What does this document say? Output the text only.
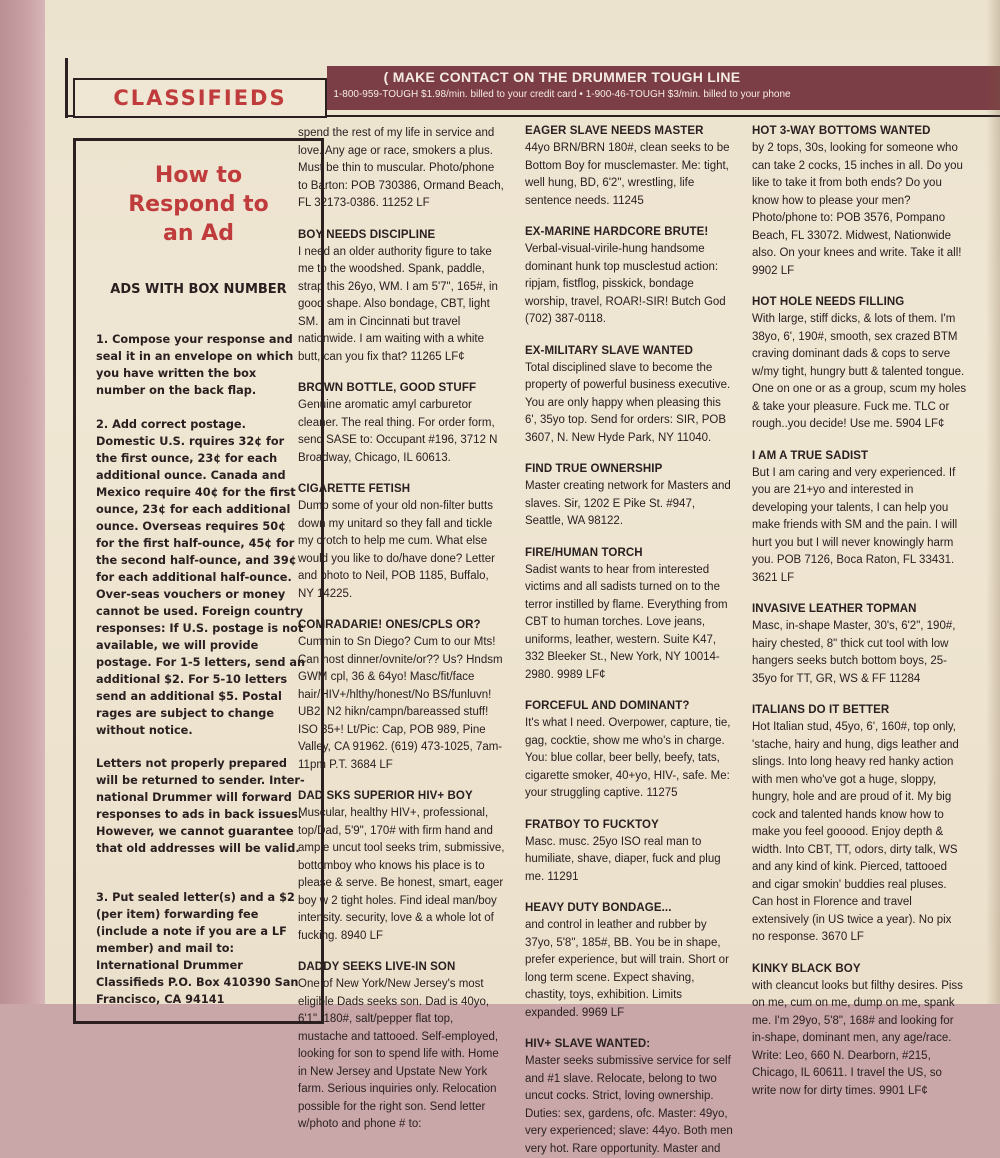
CLASSIFIEDS
( MAKE CONTACT ON THE DRUMMER TOUGH LINE
1-800-959-TOUGH $1.98/min. billed to your credit card • 1-900-46-TOUGH $3/min. billed to your phone
How to
Respond to
an Ad
ADS WITH BOX NUMBER

1. Compose your response and seal it in an envelope on which you have written the box number on the back flap.

2. Add correct postage. Domestic U.S. rquires 32¢ for the first ounce, 23¢ for each additional ounce. Canada and Mexico require 40¢ for the first ounce, 23¢ for each additional ounce. Overseas requires 50¢ for the first half-ounce, 45¢ for the second half-ounce, and 39¢ for each additional half-ounce. Over-seas vouchers or money cannot be used. Foreign country responses: If U.S. postage is not available, we will provide postage. For 1-5 letters, send an additional $2. For 5-10 letters send an additional $5. Postal rages are subject to change without notice.

Letters not properly prepared will be returned to sender. Inter-national Drummer will forward responses to ads in back issues. However, we cannot guarantee that old addresses will be valid.

3. Put sealed letter(s) and a $2 (per item) forwarding fee (include a note if you are a LF member) and mail to: International Drummer Classifieds P.O. Box 410390 San Francisco, CA 94141

spend the rest of my life in service and love. Any age or race, smokers a plus. Must be thin to muscular. Photo/phone to Barton: POB 730386, Ormand Beach, FL 32173-0386. 11252 LF

BOY NEEDS DISCIPLINE

I need an older authority figure to take me to the woodshed. Spank, paddle, strap this 26yo, WM. I am 5'7", 165#, in good shape. Also bondage, CBT, light SM. I am in Cincinnati but travel nationwide. I am waiting with a white butt, can you fix that? 11265 LF¢

BROWN BOTTLE, GOOD STUFF

Genuine aromatic amyl carburetor cleaner. The real thing. For order form, send SASE to: Occupant #196, 3712 N Broadway, Chicago, IL 60613.

CIGARETTE FETISH

Dump some of your old non-filter butts down my unitard so they fall and tickle my crotch to help me cum. What else would you like to do/have done? Letter and photo to Neil, POB 1185, Buffalo, NY 14225.

COMRADARIE! ONES/CPLS OR?

Cummin to Sn Diego? Cum to our Mts! Can host dinner/ovnite/or?? Us? Hndsm GWM cpl, 36 & 64yo! Masc/fit/face hair/HIV+/hlthy/honest/No BS/funluvn! UB2! N2 hikn/campn/bareassed stuff! ISO 35+! Lt/Pic: Cap, POB 989, Pine Valley, CA 91962. (619) 473-1025, 7am-11pm P.T. 3684 LF

DAD SKS SUPERIOR HIV+ BOY

Muscular, healthy HIV+, professional, top/Dad, 5'9", 170# with firm hand and ample uncut tool seeks trim, submissive, bottomboy who knows his place is to please & serve. Be honest, smart, eager boy w 2 tight holes. Find ideal man/boy intensity. security, love & a whole lot of fucking. 8940 LF

DADDY SEEKS LIVE-IN SON

One of New York/New Jersey's most eligible Dads seeks son. Dad is 40yo, 6'1", 180#, salt/pepper flat top, mustache and tattooed. Self-employed, looking for son to spend life with. Home in New Jersey and Upstate New York farm. Serious inquiries only. Relocation possible for the right son. Send letter w/photo and phone # to:

EAGER SLAVE NEEDS MASTER

44yo BRN/BRN 180#, clean seeks to be Bottom Boy for musclemaster. Me: tight, well hung, BD, 6'2", wrestling, life sentence needs. 11245

EX-MARINE HARDCORE BRUTE!

Verbal-visual-virile-hung handsome dominant hunk top musclestud action: ripjam, fistflog, pisskick, bondage worship, travel, ROAR!-SIR! Butch God (702) 387-0118.

EX-MILITARY SLAVE WANTED

Total disciplined slave to become the property of powerful business executive. You are only happy when pleasing this 6', 35yo top. Send for orders: SIR, POB 3607, N. New Hyde Park, NY 11040.

FIND TRUE OWNERSHIP

Master creating network for Masters and slaves. Sir, 1202 E Pike St. #947, Seattle, WA 98122.

FIRE/HUMAN TORCH

Sadist wants to hear from interested victims and all sadists turned on to the terror instilled by flame. Everything from CBT to human torches. Love jeans, uniforms, leather, western. Suite K47, 332 Bleeker St., New York, NY 10014-2980. 9989 LF¢

FORCEFUL AND DOMINANT?

It's what I need. Overpower, capture, tie, gag, cocktie, show me who's in charge. You: blue collar, beer belly, beefy, tats, cigarette smoker, 40+yo, HIV-, safe. Me: your struggling captive. 11275

FRATBOY TO FUCKTOY

Masc. musc. 25yo ISO real man to humiliate, shave, diaper, fuck and plug me. 11291

HEAVY DUTY BONDAGE...

and control in leather and rubber by 37yo, 5'8", 185#, BB. You be in shape, prefer experience, but will train. Short or long term scene. Expect shaving, chastity, toys, exhibition. Limits expanded. 9969 LF

HIV+ SLAVE WANTED:

Master seeks submissive service for self and #1 slave. Relocate, belong to two uncut cocks. Strict, loving ownership. Duties: sex, gardens, ofc. Master: 49yo, very experienced; slave: 44yo. Both men very hot. Rare opportunity. Master and

HOT 3-WAY BOTTOMS WANTED

by 2 tops, 30s, looking for someone who can take 2 cocks, 15 inches in all. Do you like to take it from both ends? Do you know how to please your men? Photo/phone to: POB 3576, Pompano Beach, FL 33072. Midwest, Nationwide also. On your knees and write. Take it all! 9902 LF

HOT HOLE NEEDS FILLING

With large, stiff dicks, & lots of them. I'm 38yo, 6', 190#, smooth, sex crazed BTM craving dominant dads & cops to serve w/my tight, hungry butt & talented tongue. One on one or as a group, scum my holes & take your pleasure. Fuck me. TLC or rough..you decide! Use me. 5904 LF¢

I AM A TRUE SADIST

But I am caring and very experienced. If you are 21+yo and interested in developing your talents, I can help you make friends with SM and the pain. I will hurt you but I will never knowingly harm you. POB 7126, Boca Raton, FL 33431. 3621 LF

INVASIVE LEATHER TOPMAN

Masc, in-shape Master, 30's, 6'2", 190#, hairy chested, 8" thick cut tool with low hangers seeks butch bottom boys, 25-35yo for TT, GR, WS & FF 11284

ITALIANS DO IT BETTER

Hot Italian stud, 45yo, 6', 160#, top only, 'stache, hairy and hung, digs leather and slings. Into long heavy red hanky action with men who've got a huge, sloppy, hungry, hole and are proud of it. My big cock and talented hands know how to make you feel gooood. Enjoy depth & width. Into CBT, TT, odors, dirty talk, WS and any kind of kink. Pierced, tattooed and cigar smokin' buddies real pluses. Can host in Florence and travel extensively (in US twice a year). No pix no response. 3670 LF

KINKY BLACK BOY

with cleancut looks but filthy desires. Piss on me, cum on me, dump on me, spank me. I'm 29yo, 5'8", 168# and looking for in-shape, dominant men, any age/race. Write: Leo, 660 N. Dearborn, #215, Chicago, IL 60611. I travel the US, so write now for dirty times. 9901 LF¢
